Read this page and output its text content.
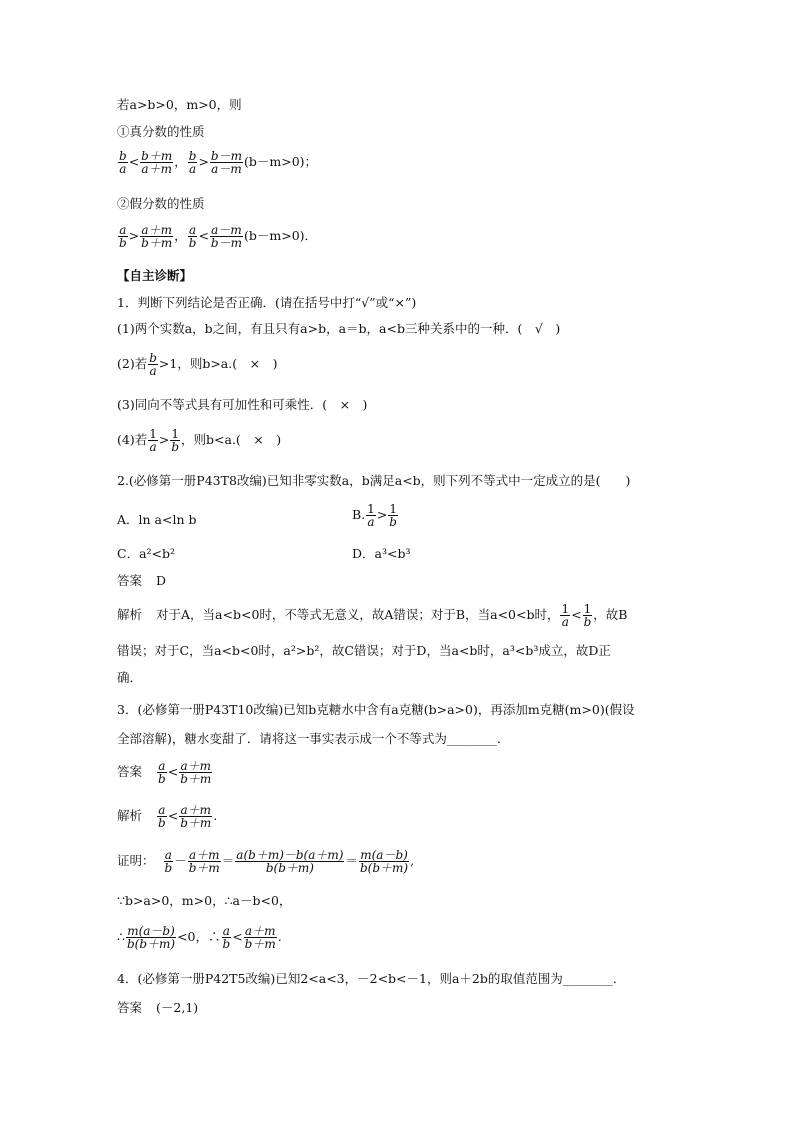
若a>b>0，m>0，则
①真分数的性质
$\frac{b}{a} < \frac{b+m}{a+m}$ ， $\frac{b}{a} > \frac{b-m}{a-m} (b-m>0)$；
②假分数的性质
$\frac{a}{b} > \frac{a+m}{b+m}$ ， $\frac{a}{b} < \frac{a-m}{b-m} (b-m>0)$．
【自主诊断】
1．判断下列结论是否正确．(请在括号中打“√”或“×”)
(1)两个实数a，b之间，有且只有a>b，a＝b，a<b三种关系中的一种．(　√　)
(2)若 $\frac{b}{a} >1$，则b>a.(　×　)
(3)同向不等式具有可加性和可乘性．(　×　)
(4)若 $\frac{1}{a} > \frac{1}{b}$ ，则b<a.(　×　)
2.(必修第一册P43T8改编)已知非零实数a，b满足a<b，则下列不等式中一定成立的是(　　)
A．ln a<ln b	B. $\frac{1}{a} > \frac{1}{b}$
C．a²<b²	D．a³<b³
答案 D
解析 对于A，当a<b<0时，不等式无意义，故A错误；对于B，当a<0<b时， $\frac{1}{a} < \frac{1}{b}$ ，故B
错误；对于C，当a<b<0时，a²>b²，故C错误；对于D，当a<b时，a³<b³成立，故D正
确．
3．(必修第一册P43T10改编)已知b克糖水中含有a克糖(b>a>0)，再添加m克糖(m>0)(假设
全部溶解)，糖水变甜了．请将这一事实表示成一个不等式为________．
答案 $\frac{a}{b} < \frac{a+m}{b+m}$
解析 $\frac{a}{b} < \frac{a+m}{b+m}$ .
证明： $\frac{a}{b} - \frac{a+m}{b+m} = \frac{a(b+m)-b(a+m)}{b(b+m)} = \frac{m(a-b)}{b(b+m)}$ ,
∵b>a>0，m>0，∴a－b<0，
∴ $\frac{m(a-b)}{b(b+m)} <0$，∴ $\frac{a}{b} < \frac{a+m}{b+m}$ .
4．(必修第一册P42T5改编)已知2<a<3，－2<b<－1，则a＋2b的取值范围为________．
答案 (－2,1)
